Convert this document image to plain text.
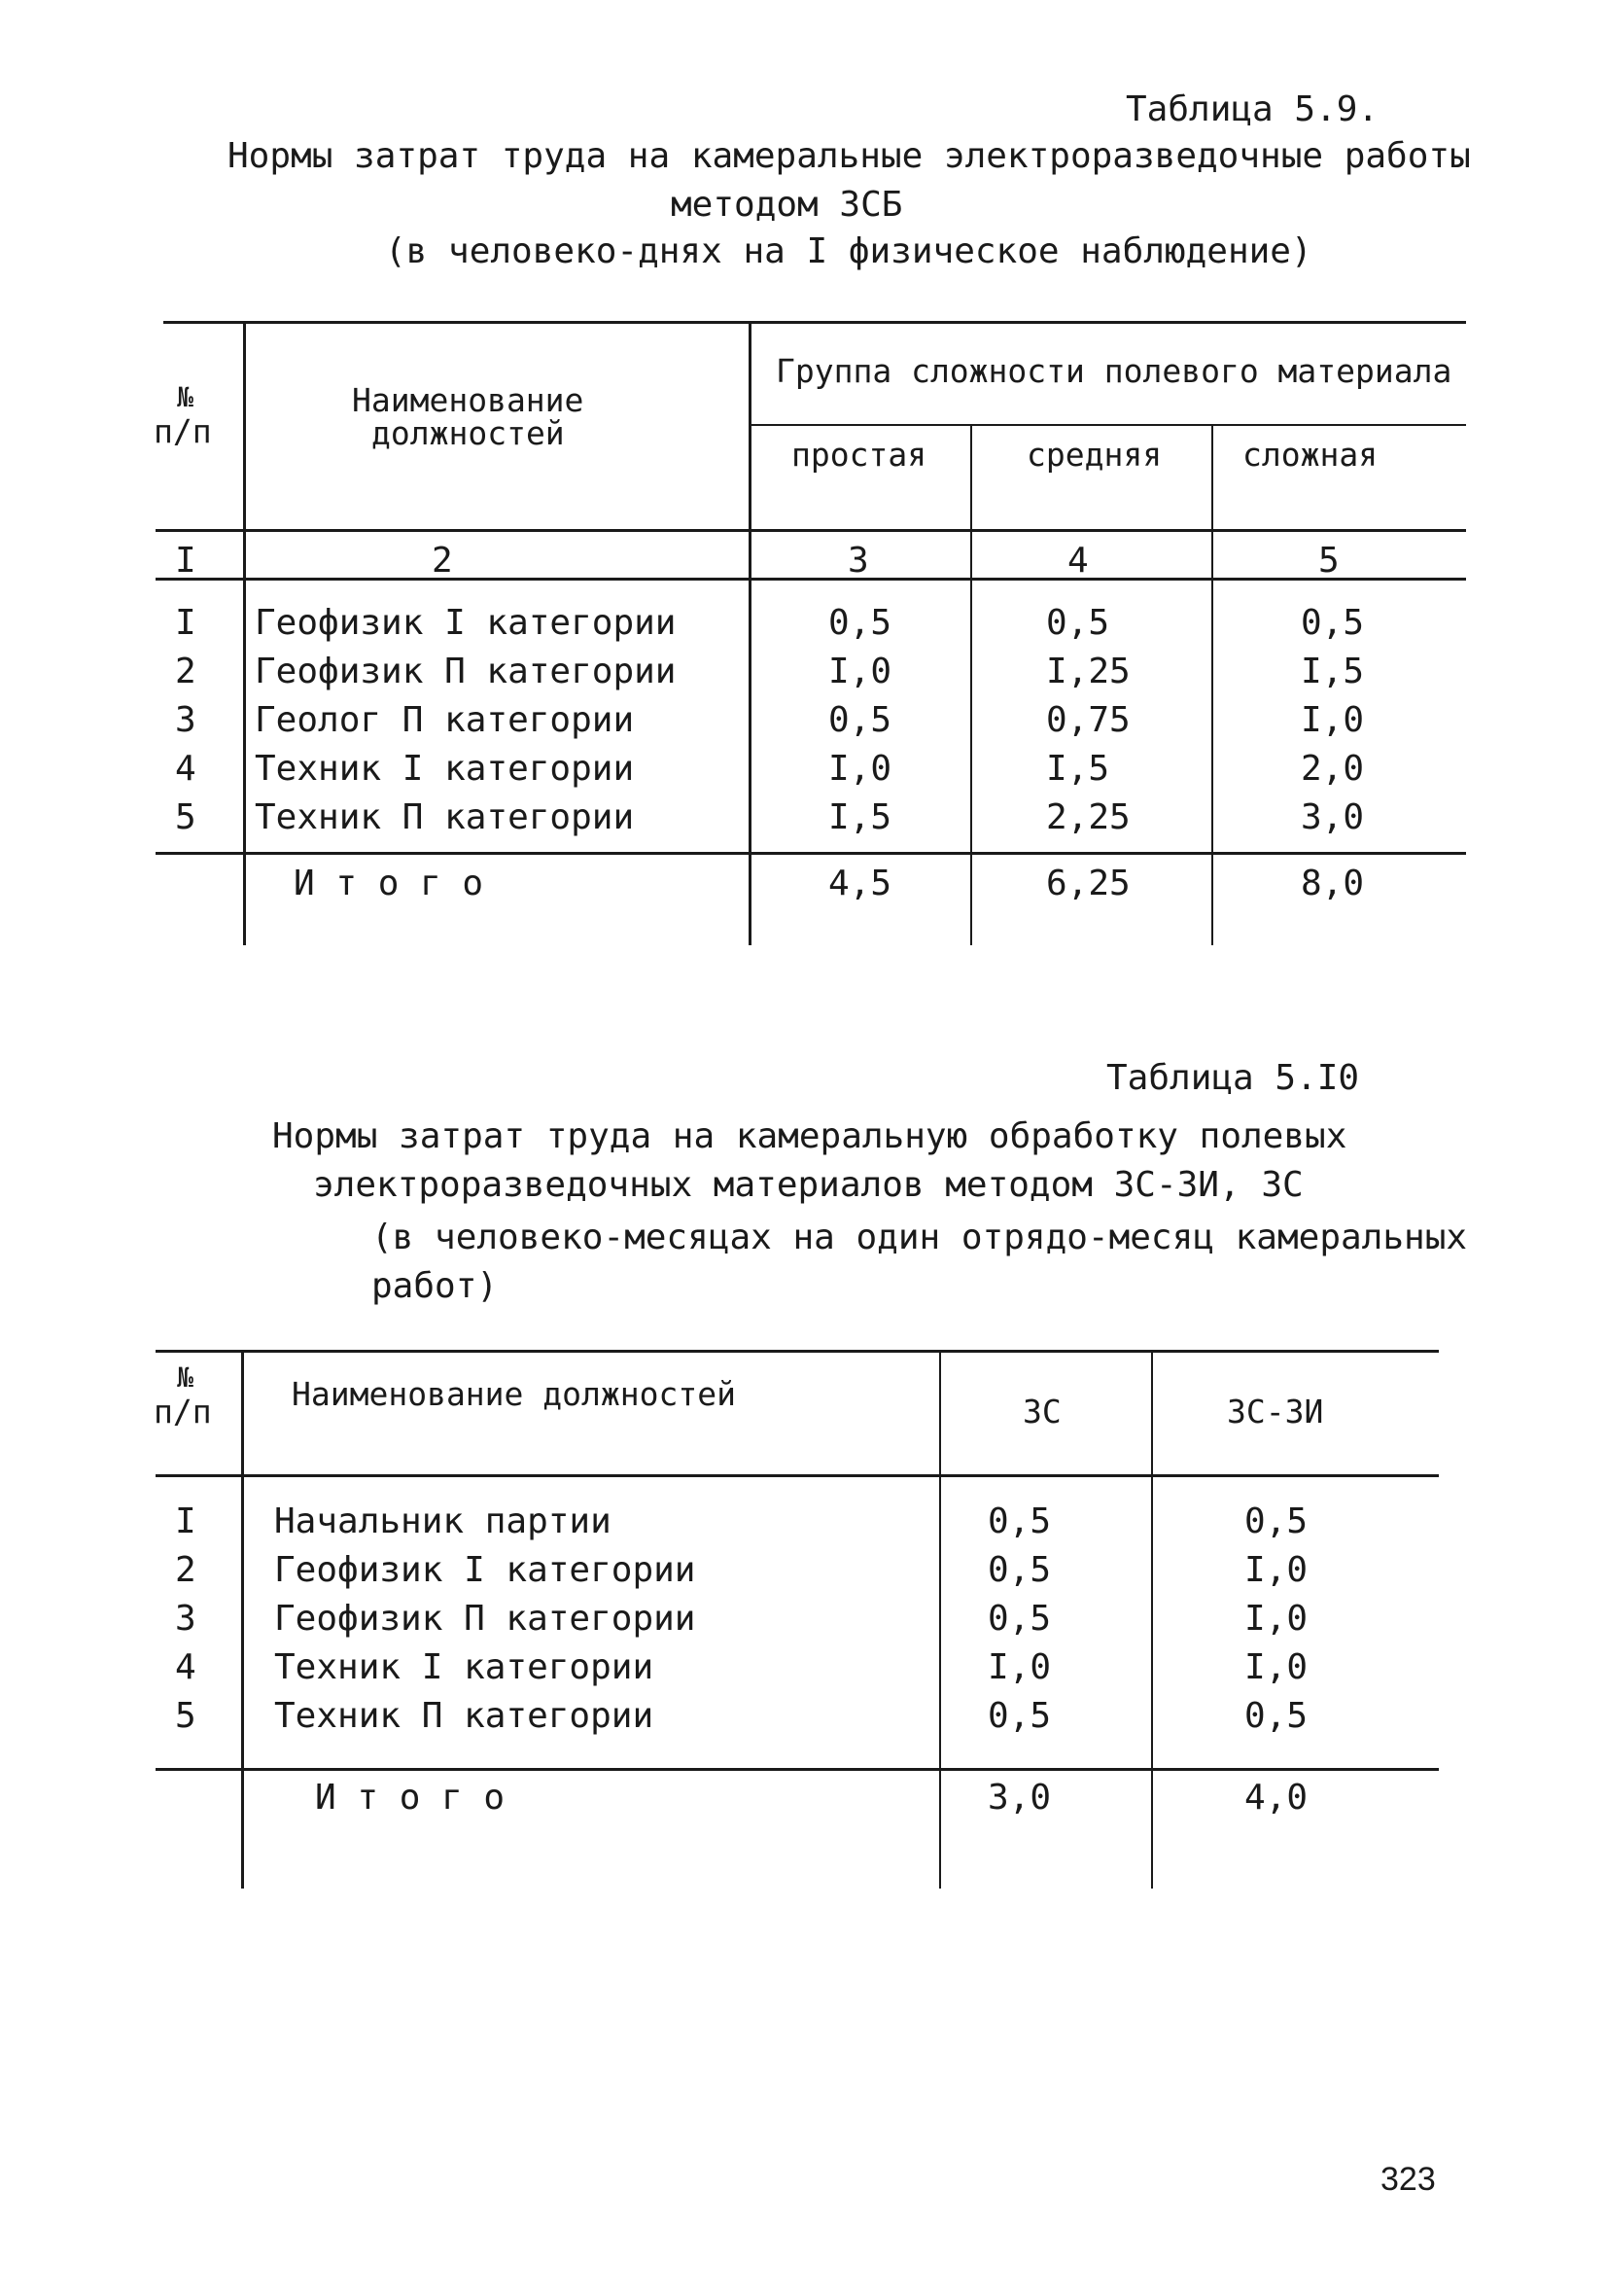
Таблица 5.9.
Нормы затрат труда на камеральные электроразведочные работы
методом ЗСБ
(в человеко-днях на I физическое наблюдение)
№
п/п
Наименование
должностей
Группа сложности полевого материала
простая	средняя	сложная
I	2	3	4	5
I Геофизик I категории	0,5	0,5	0,5
2 Геофизик П категории	I,0	I,25	I,5
3 Геолог П категории	0,5	0,75	I,0
4 Техник I категории	I,0	I,5	2,0
5 Техник П категории	I,5	2,25	3,0
И т о г о	4,5	6,25	8,0
Таблица 5.I0
Нормы затрат труда на камеральную обработку полевых
электроразведочных материалов методом ЗС-ЗИ, ЗС
(в человеко-месяцах на один отрядо-месяц камеральных
работ)
№
п/п Наименование должностей	ЗС	ЗС-ЗИ
I Начальник партии	0,5	0,5
2 Геофизик I категории	0,5	I,0
3 Геофизик П категории	0,5	I,0
4 Техник I категории	I,0	I,0
5 Техник П категории	0,5	0,5
И т о г о	3,0	4,0
323
